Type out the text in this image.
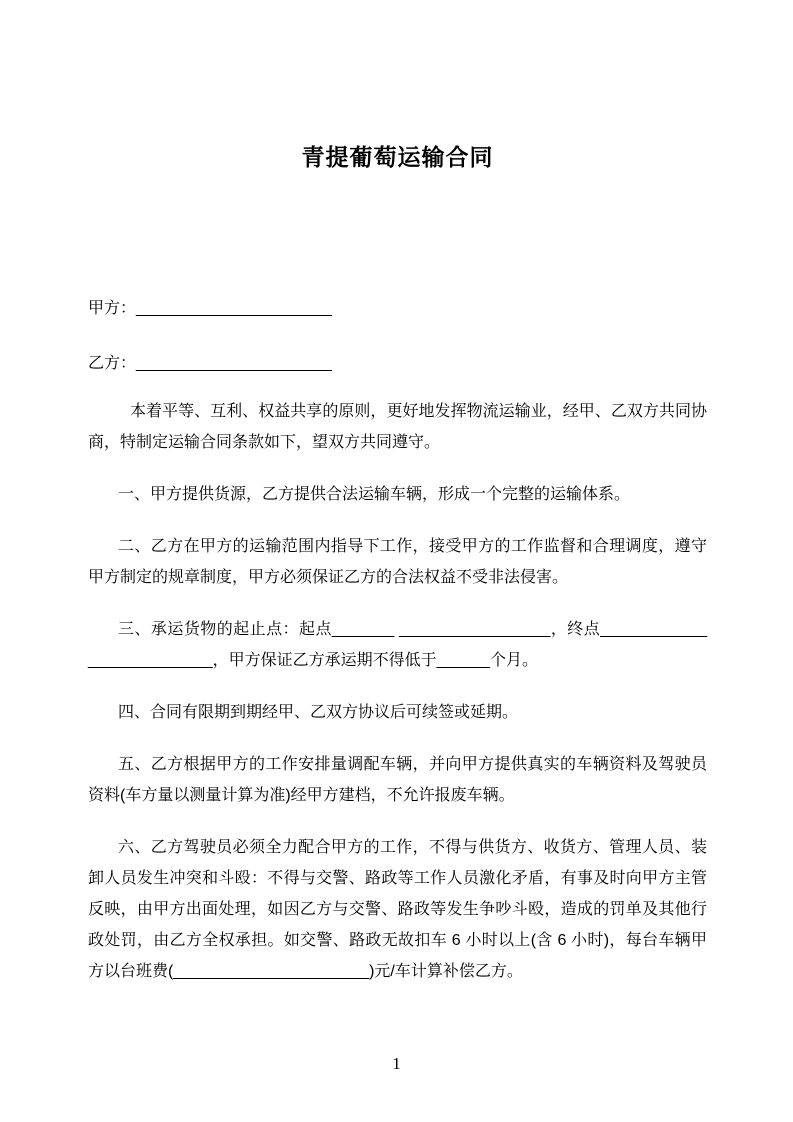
青提葡萄运输合同
甲方：______________________
乙方：______________________

本着平等、互利、权益共享的原则，更好地发挥物流运输业，经甲、乙双方共同协商，特制定运输合同条款如下，望双方共同遵守。

一、甲方提供货源，乙方提供合法运输车辆，形成一个完整的运输体系。

二、乙方在甲方的运输范围内指导下工作，接受甲方的工作监督和合理调度，遵守甲方制定的规章制度，甲方必须保证乙方的合法权益不受非法侵害。

三、承运货物的起止点：起点_______ _________________，终点__________________________，甲方保证乙方承运期不得低于______个月。

四、合同有限期到期经甲、乙双方协议后可续签或延期。

五、乙方根据甲方的工作安排量调配车辆，并向甲方提供真实的车辆资料及驾驶员资料(车方量以测量计算为准)经甲方建档，不允许报废车辆。

六、乙方驾驶员必须全力配合甲方的工作，不得与供货方、收货方、管理人员、装卸人员发生冲突和斗殴：不得与交警、路政等工作人员激化矛盾，有事及时向甲方主管反映，由甲方出面处理，如因乙方与交警、路政等发生争吵斗殴，造成的罚单及其他行政处罚，由乙方全权承担。如交警、路政无故扣车 6 小时以上(含 6 小时)，每台车辆甲方以台班费(______________________)元/车计算补偿乙方。

1
